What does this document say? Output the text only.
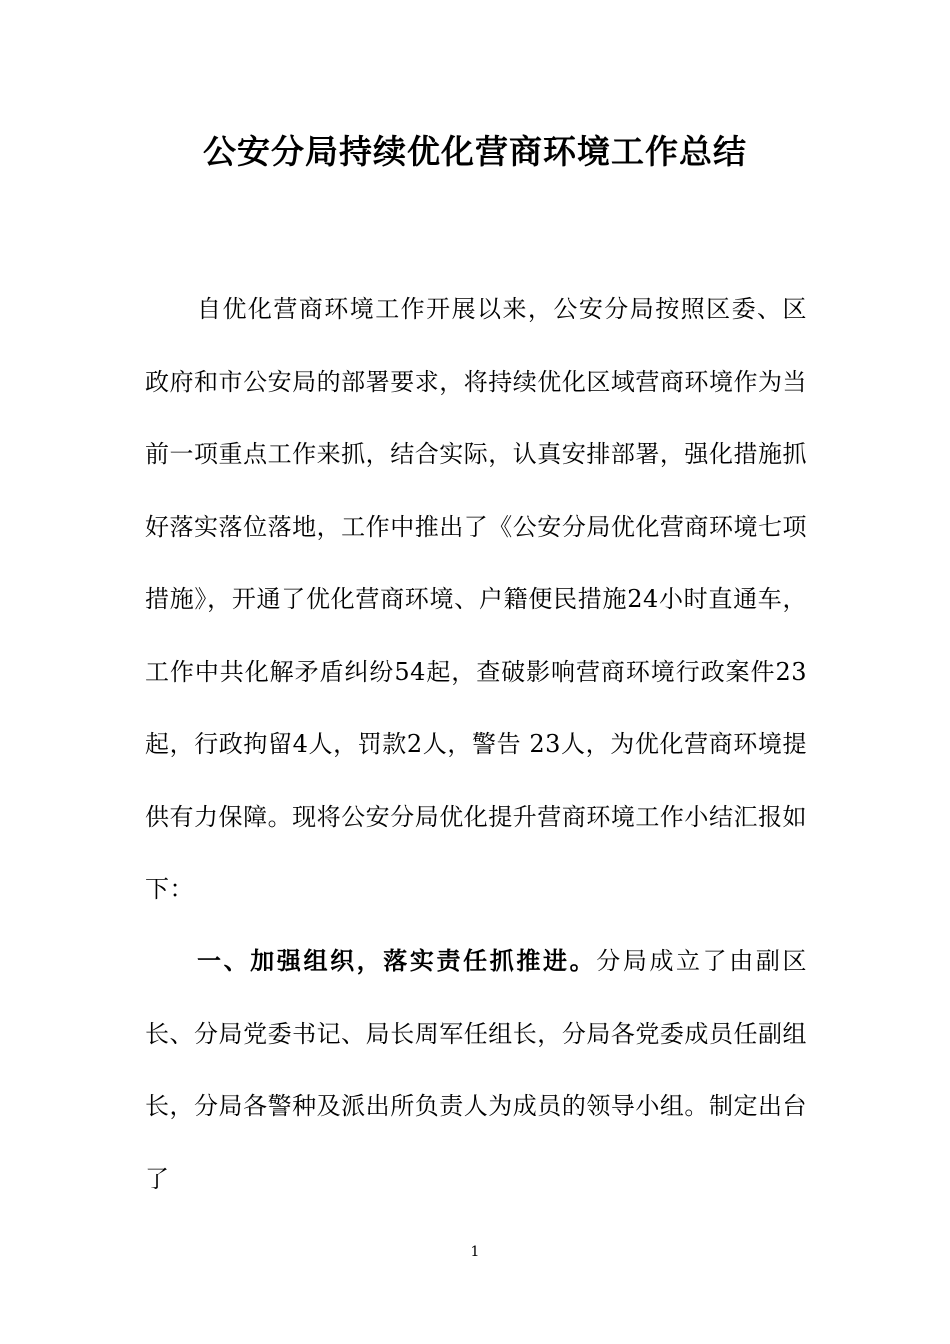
公安分局持续优化营商环境工作总结

自优化营商环境工作开展以来，公安分局按照区委、区政府和市公安局的部署要求，将持续优化区域营商环境作为当前一项重点工作来抓，结合实际，认真安排部署，强化措施抓好落实落位落地，工作中推出了《公安分局优化营商环境七项措施》，开通了优化营商环境、户籍便民措施24小时直通车，工作中共化解矛盾纠纷54起，查破影响营商环境行政案件23起，行政拘留4人，罚款2人，警告 23人，为优化营商环境提供有力保障。现将公安分局优化提升营商环境工作小结汇报如下：

一、加强组织，落实责任抓推进。分局成立了由副区长、分局党委书记、局长周军任组长，分局各党委成员任副组长，分局各警种及派出所负责人为成员的领导小组。制定出台了

1
